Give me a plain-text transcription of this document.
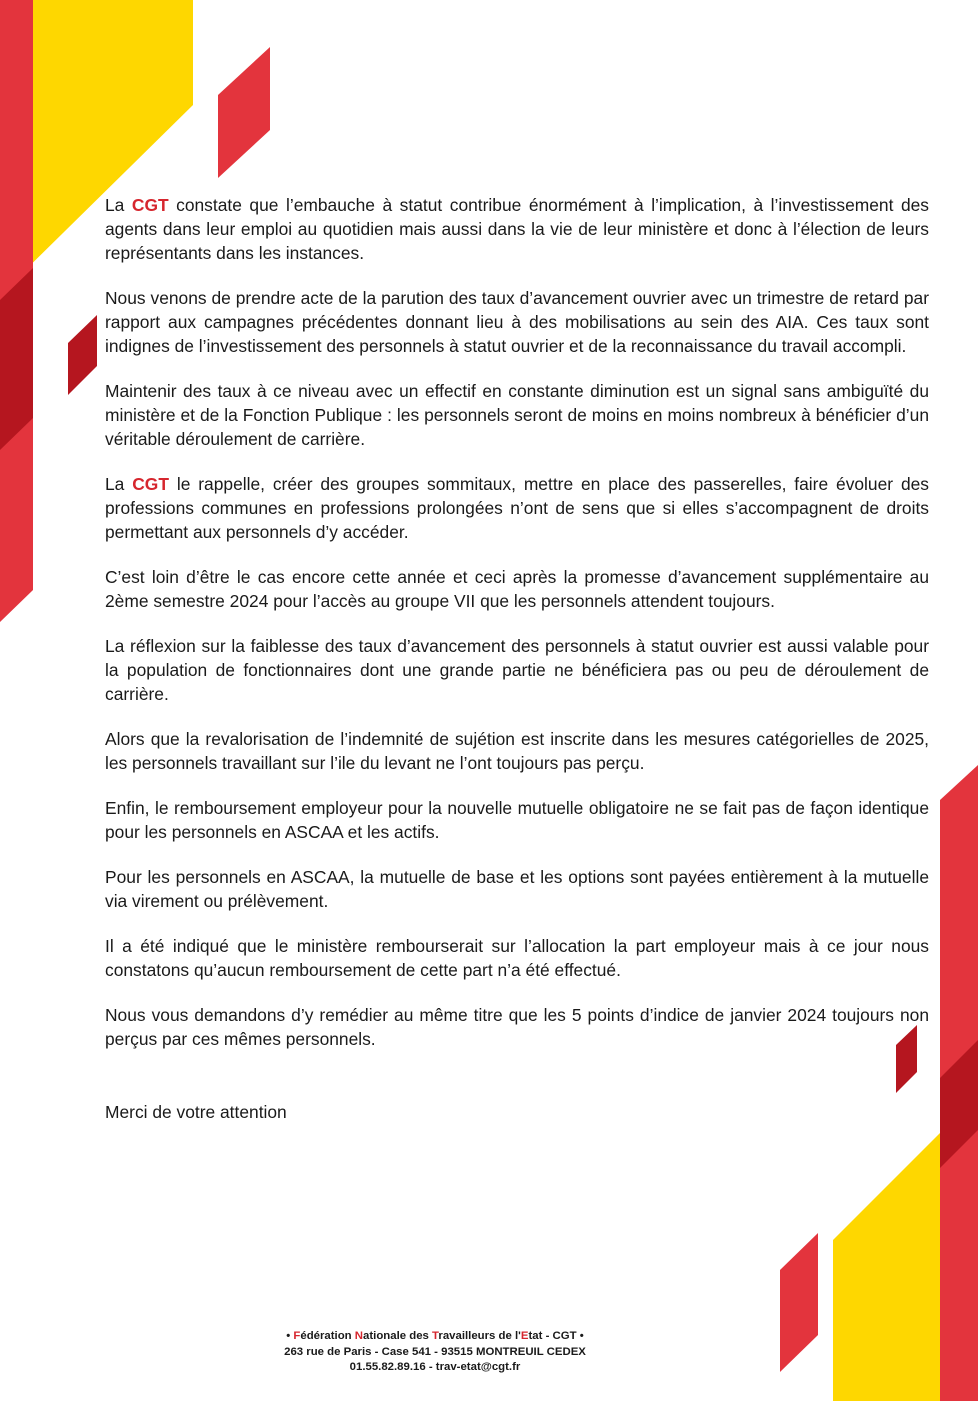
La CGT constate que l’embauche à statut contribue énormément à l’implication, à l’investissement des agents dans leur emploi au quotidien mais aussi dans la vie de leur ministère et donc à l’élection de leurs représentants dans les instances.

Nous venons de prendre acte de la parution des taux d’avancement ouvrier avec un trimestre de retard par rapport aux campagnes précédentes donnant lieu à des mobilisations au sein des AIA. Ces taux sont indignes de l’investissement des personnels à statut ouvrier et de la reconnaissance du travail accompli.

Maintenir des taux à ce niveau avec un effectif en constante diminution est un signal sans ambiguïté du ministère et de la Fonction Publique : les personnels seront de moins en moins nombreux à bénéficier d’un véritable déroulement de carrière.

La CGT le rappelle, créer des groupes sommitaux, mettre en place des passerelles, faire évoluer des professions communes en professions prolongées n’ont de sens que si elles s’accompagnent de droits permettant aux personnels d’y accéder.

C’est loin d’être le cas encore cette année et ceci après la promesse d’avancement supplémentaire au 2ème semestre 2024 pour l’accès au groupe VII que les personnels attendent toujours.

La réflexion sur la faiblesse des taux d’avancement des personnels à statut ouvrier est aussi valable pour la population de fonctionnaires dont une grande partie ne bénéficiera pas ou peu de déroulement de carrière.

Alors que la revalorisation de l’indemnité de sujétion est inscrite dans les mesures catégorielles de 2025, les personnels travaillant sur l’ile du levant ne l’ont toujours pas perçu.

Enfin, le remboursement employeur pour la nouvelle mutuelle obligatoire ne se fait pas de façon identique pour les personnels en ASCAA et les actifs.

Pour les personnels en ASCAA, la mutuelle de base et les options sont payées entièrement à la mutuelle via virement ou prélèvement.

Il a été indiqué que le ministère rembourserait sur l’allocation la part employeur mais à ce jour nous constatons qu’aucun remboursement de cette part n’a été effectué.

Nous vous demandons d’y remédier au même titre que les 5 points d’indice de janvier 2024 toujours non perçus par ces mêmes personnels.

Merci de votre attention
• Fédération Nationale des Travailleurs de l'Etat - CGT •
263 rue de Paris - Case 541 - 93515 MONTREUIL CEDEX
01.55.82.89.16 - trav-etat@cgt.fr
